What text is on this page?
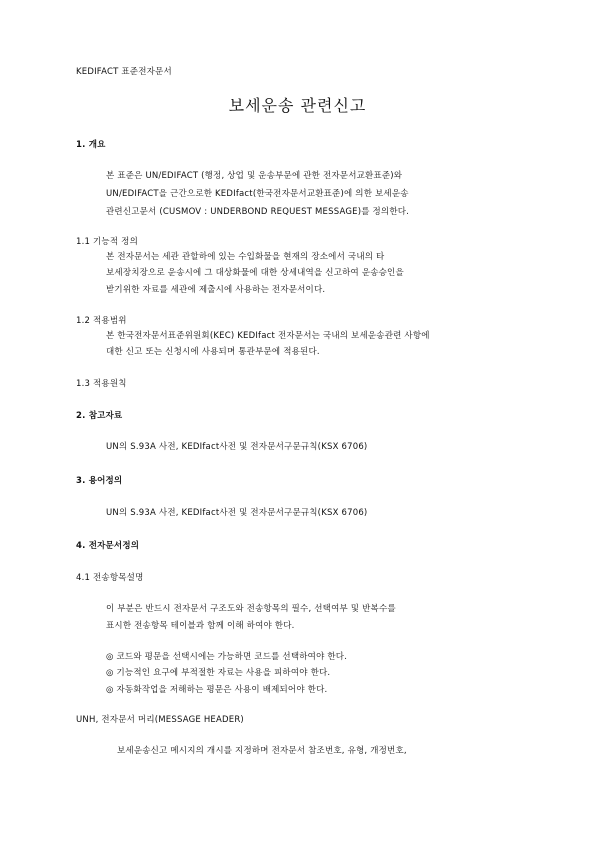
KEDIFACT 표준전자문서
보세운송 관련신고
1. 개요
본 표준은 UN/EDIFACT (행정, 상업 및 운송부문에 관한 전자문서교환표준)와
UN/EDIFACT을 근간으로한 KEDIfact(한국전자문서교환표준)에 의한 보세운송
관련신고문서 (CUSMOV : UNDERBOND REQUEST MESSAGE)를 정의한다.
1.1 기능적 정의
본 전자문서는 세관 관할하에 있는 수입화물을 현재의 장소에서 국내의 타
보세장치장으로 운송시에 그 대상화물에 대한 상세내역을 신고하여 운송승인을
받기위한 자료를 세관에 제출시에 사용하는 전자문서이다.
1.2 적용범위
본 한국전자문서표준위원회(KEC) KEDIfact 전자문서는 국내의 보세운송관련 사항에
대한 신고 또는 신청시에 사용되며 통관부문에 적용된다.
1.3 적용원칙
2. 참고자료
UN의 S.93A 사전, KEDIfact사전 및 전자문서구문규칙(KSX 6706)
3. 용어정의
UN의 S.93A 사전, KEDIfact사전 및 전자문서구문규칙(KSX 6706)
4. 전자문서정의
4.1 전송항목설명
이 부분은 반드시 전자문서 구조도와 전송항목의 필수, 선택여부 및 반복수를
표시한 전송항목 테이블과 함께 이해 하여야 한다.
◎ 코드와 평문을 선택시에는 가능하면 코드를 선택하여야 한다.
◎ 기능적인 요구에 부적절한 자료는 사용을 피하여야 한다.
◎ 자동화작업을 저해하는 평문은 사용이 배제되어야 한다.
UNH, 전자문서 머리(MESSAGE HEADER)
보세운송신고 메시지의 개시를 지정하며 전자문서 참조번호, 유형, 개정번호,
